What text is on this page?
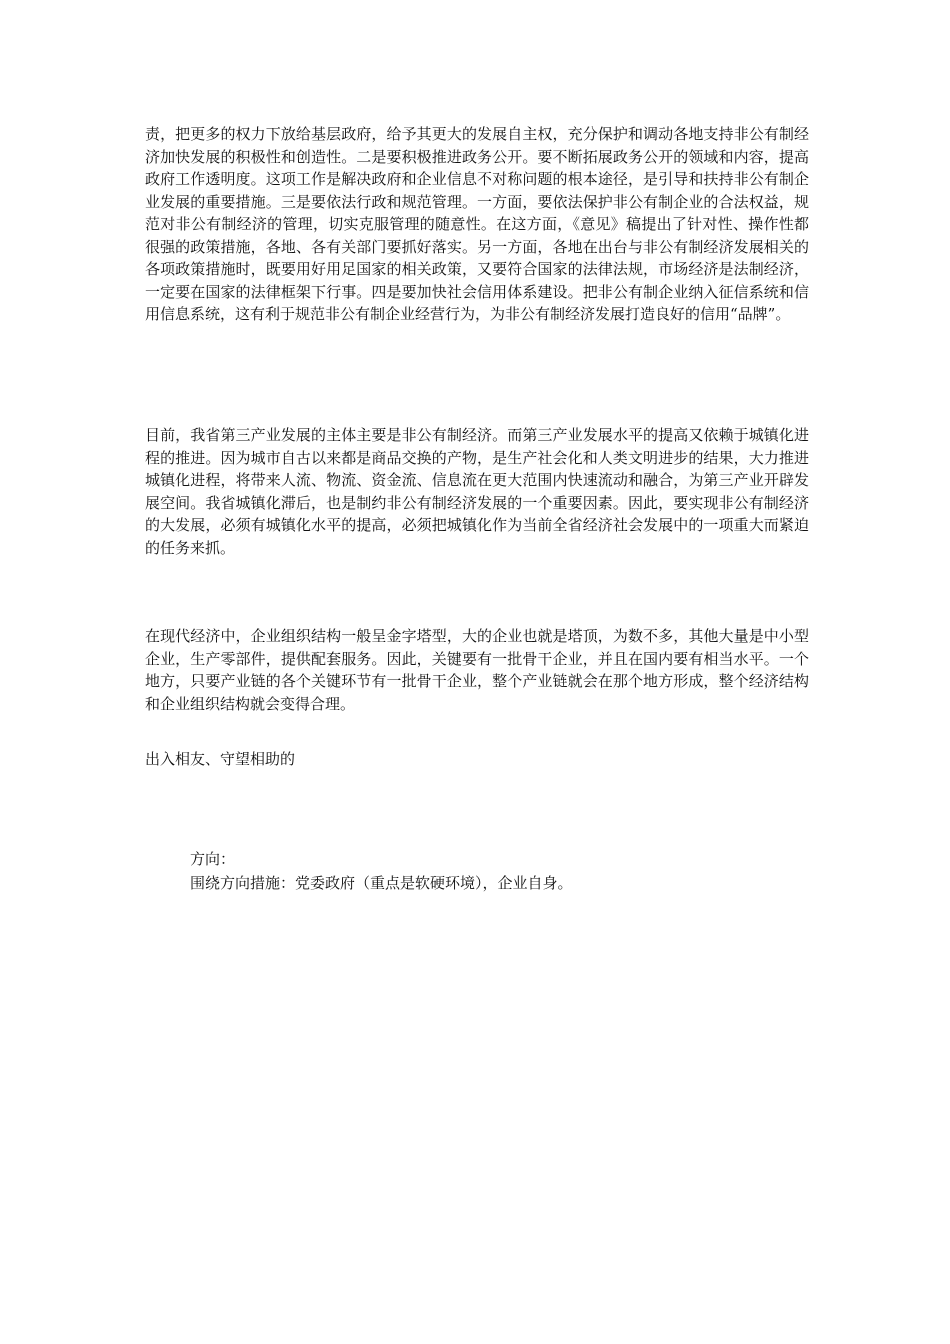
责，把更多的权力下放给基层政府，给予其更大的发展自主权，充分保护和调动各地支持非公有制经济加快发展的积极性和创造性。二是要积极推进政务公开。要不断拓展政务公开的领域和内容，提高政府工作透明度。这项工作是解决政府和企业信息不对称问题的根本途径，是引导和扶持非公有制企业发展的重要措施。三是要依法行政和规范管理。一方面，要依法保护非公有制企业的合法权益，规范对非公有制经济的管理，切实克服管理的随意性。在这方面，《意见》稿提出了针对性、操作性都很强的政策措施，各地、各有关部门要抓好落实。另一方面，各地在出台与非公有制经济发展相关的各项政策措施时，既要用好用足国家的相关政策，又要符合国家的法律法规，市场经济是法制经济，一定要在国家的法律框架下行事。四是要加快社会信用体系建设。把非公有制企业纳入征信系统和信用信息系统，这有利于规范非公有制企业经营行为，为非公有制经济发展打造良好的信用“品牌”。

目前，我省第三产业发展的主体主要是非公有制经济。而第三产业发展水平的提高又依赖于城镇化进程的推进。因为城市自古以来都是商品交换的产物，是生产社会化和人类文明进步的结果，大力推进城镇化进程，将带来人流、物流、资金流、信息流在更大范围内快速流动和融合，为第三产业开辟发展空间。我省城镇化滞后，也是制约非公有制经济发展的一个重要因素。因此，要实现非公有制经济的大发展，必须有城镇化水平的提高，必须把城镇化作为当前全省经济社会发展中的一项重大而紧迫的任务来抓。

在现代经济中，企业组织结构一般呈金字塔型，大的企业也就是塔顶，为数不多，其他大量是中小型企业，生产零部件，提供配套服务。因此，关键要有一批骨干企业，并且在国内要有相当水平。一个地方，只要产业链的各个关键环节有一批骨干企业，整个产业链就会在那个地方形成，整个经济结构和企业组织结构就会变得合理。

出入相友、守望相助的

方向：

围绕方向措施：党委政府（重点是软硬环境），企业自身。
